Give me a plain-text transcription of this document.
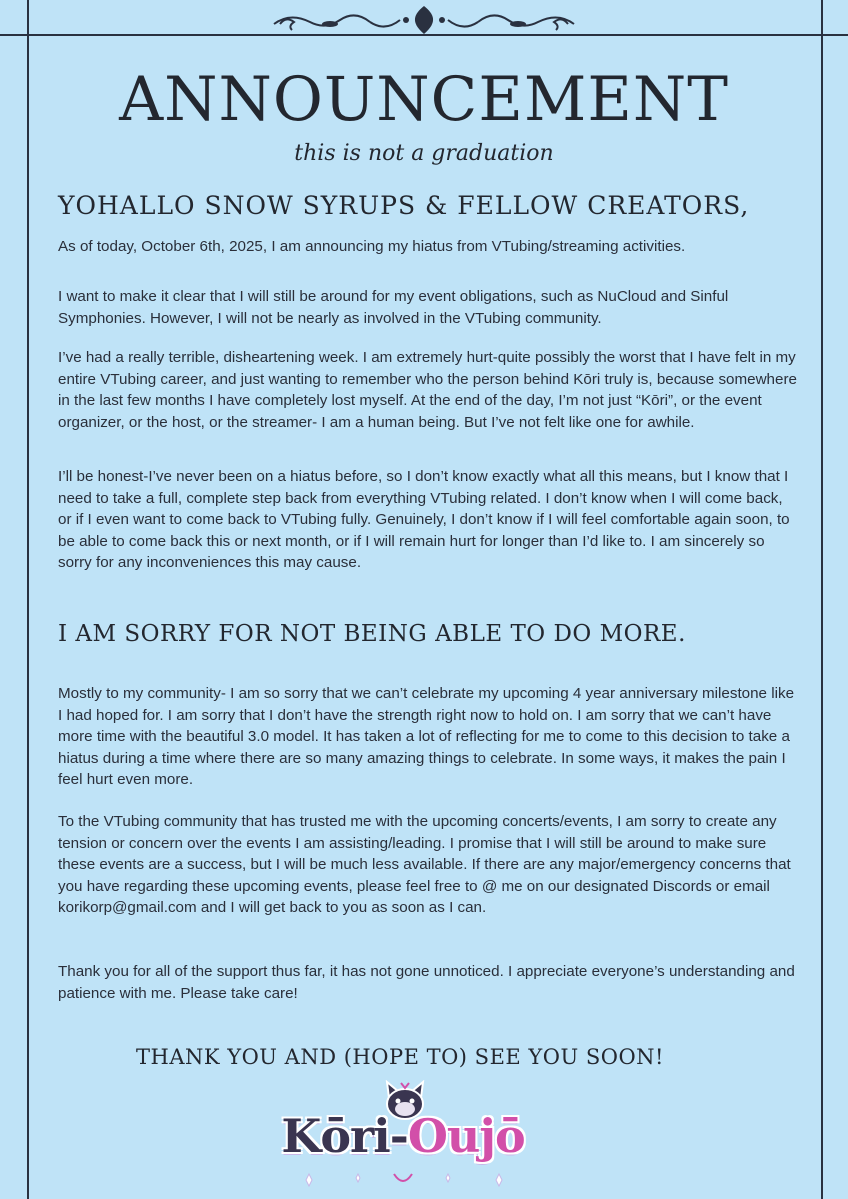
ANNOUNCEMENT
this is not a graduation
YOHALLO SNOW SYRUPS & FELLOW CREATORS,

As of today, October 6th, 2025, I am announcing my hiatus from VTubing/streaming activities.

I want to make it clear that I will still be around for my event obligations, such as NuCloud and Sinful Symphonies. However, I will not be nearly as involved in the VTubing community.

I’ve had a really terrible, disheartening week. I am extremely hurt-quite possibly the worst that I have felt in my entire VTubing career, and just wanting to remember who the person behind Kōri truly is, because somewhere in the last few months I have completely lost myself. At the end of the day, I’m not just “Kōri”, or the event organizer, or the host, or the streamer- I am a human being. But I’ve not felt like one for awhile.

I’ll be honest-I’ve never been on a hiatus before, so I don’t know exactly what all this means, but I know that I need to take a full, complete step back from everything VTubing related. I don’t know when I will come back, or if I even want to come back to VTubing fully. Genuinely, I don’t know if I will feel comfortable again soon, to be able to come back this or next month, or if I will remain hurt for longer than I’d like to. I am sincerely so sorry for any inconveniences this may cause.

I AM SORRY FOR NOT BEING ABLE TO DO MORE.

Mostly to my community- I am so sorry that we can’t celebrate my upcoming 4 year anniversary milestone like I had hoped for. I am sorry that I don’t have the strength right now to hold on. I am sorry that we can’t have more time with the beautiful 3.0 model. It has taken a lot of reflecting for me to come to this decision to take a hiatus during a time where there are so many amazing things to celebrate. In some ways, it makes the pain I feel hurt even more.

To the VTubing community that has trusted me with the upcoming concerts/events, I am sorry to create any tension or concern over the events I am assisting/leading. I promise that I will still be around to make sure these events are a success, but I will be much less available. If there are any major/emergency concerns that you have regarding these upcoming events, please feel free to @ me on our designated Discords or email korikorp@gmail.com and I will get back to you as soon as I can.

Thank you for all of the support thus far, it has not gone unnoticed. I appreciate everyone’s understanding and patience with me. Please take care!

THANK YOU AND (HOPE TO) SEE YOU SOON!
Kōri-Oujō
